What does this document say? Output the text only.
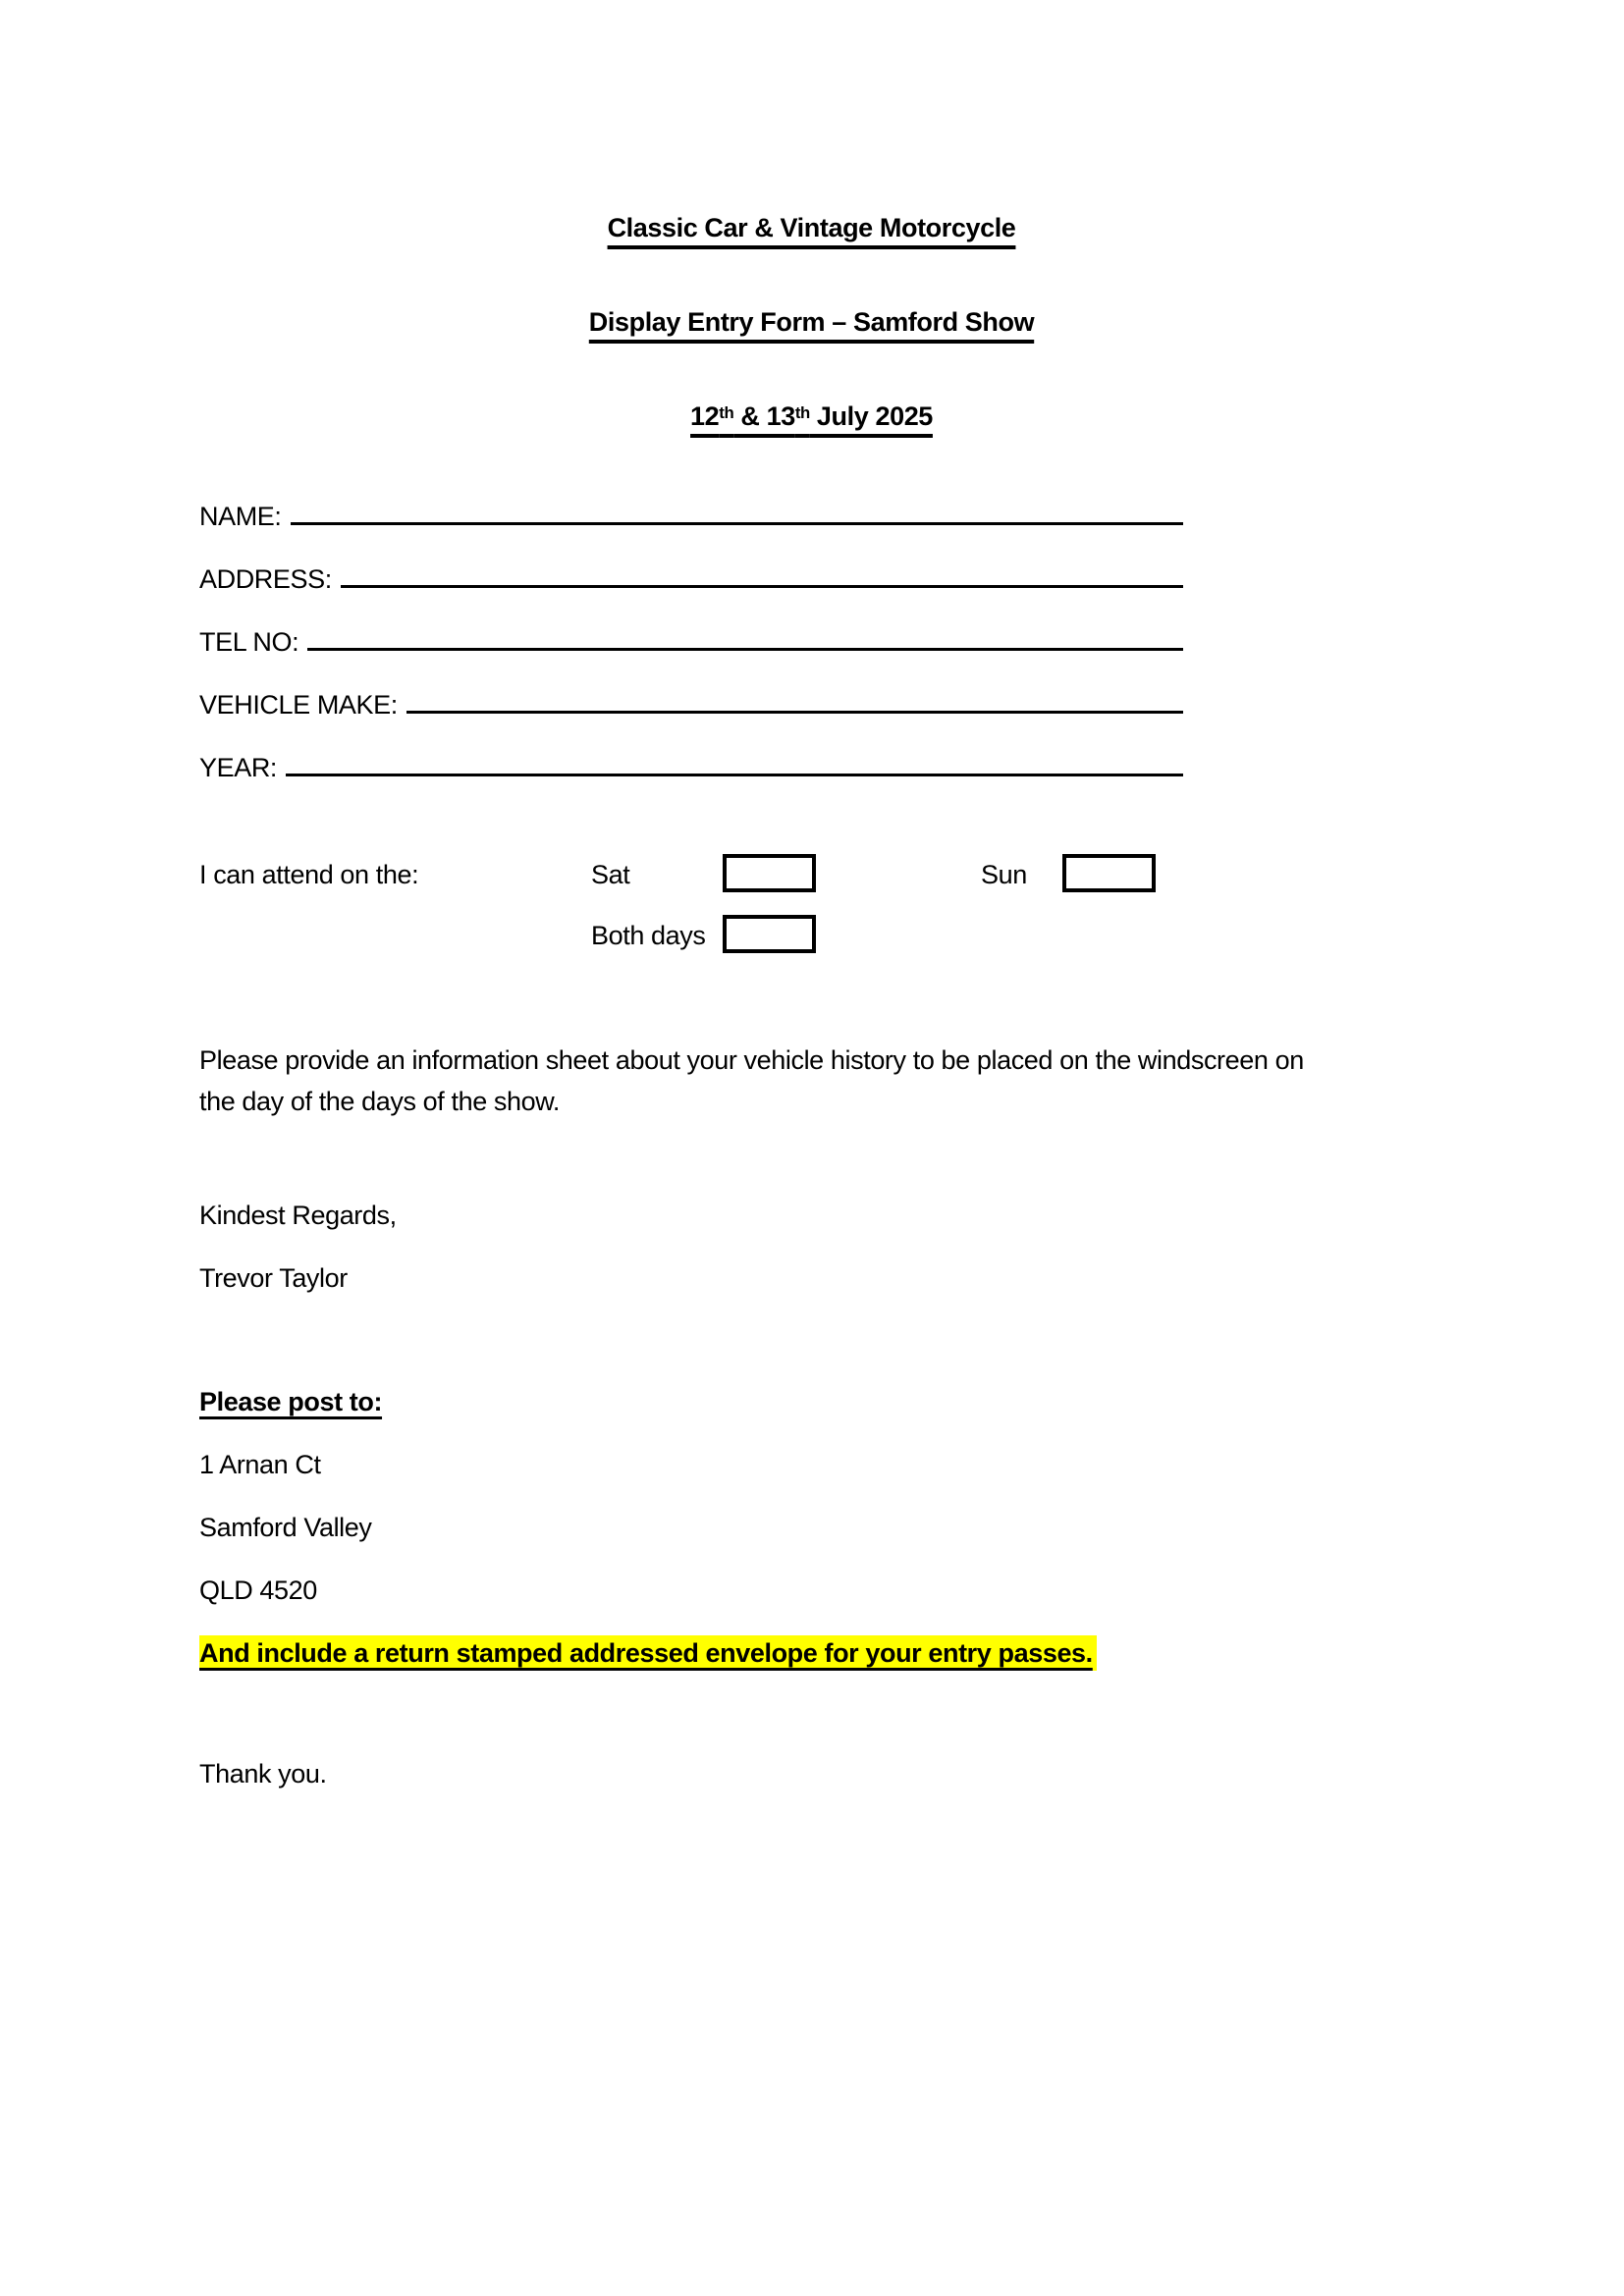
Classic Car & Vintage Motorcycle

Display Entry Form – Samford Show

12th & 13th July 2025

NAME:
ADDRESS:
TEL NO:
VEHICLE MAKE:
YEAR:
I can attend on the:	Sat	Sun
Both days

Please provide an information sheet about your vehicle history to be placed on the windscreen on
the day of the days of the show.

Kindest Regards,

Trevor Taylor

Please post to:

1 Arnan Ct

Samford Valley

QLD 4520

And include a return stamped addressed envelope for your entry passes.

Thank you.
